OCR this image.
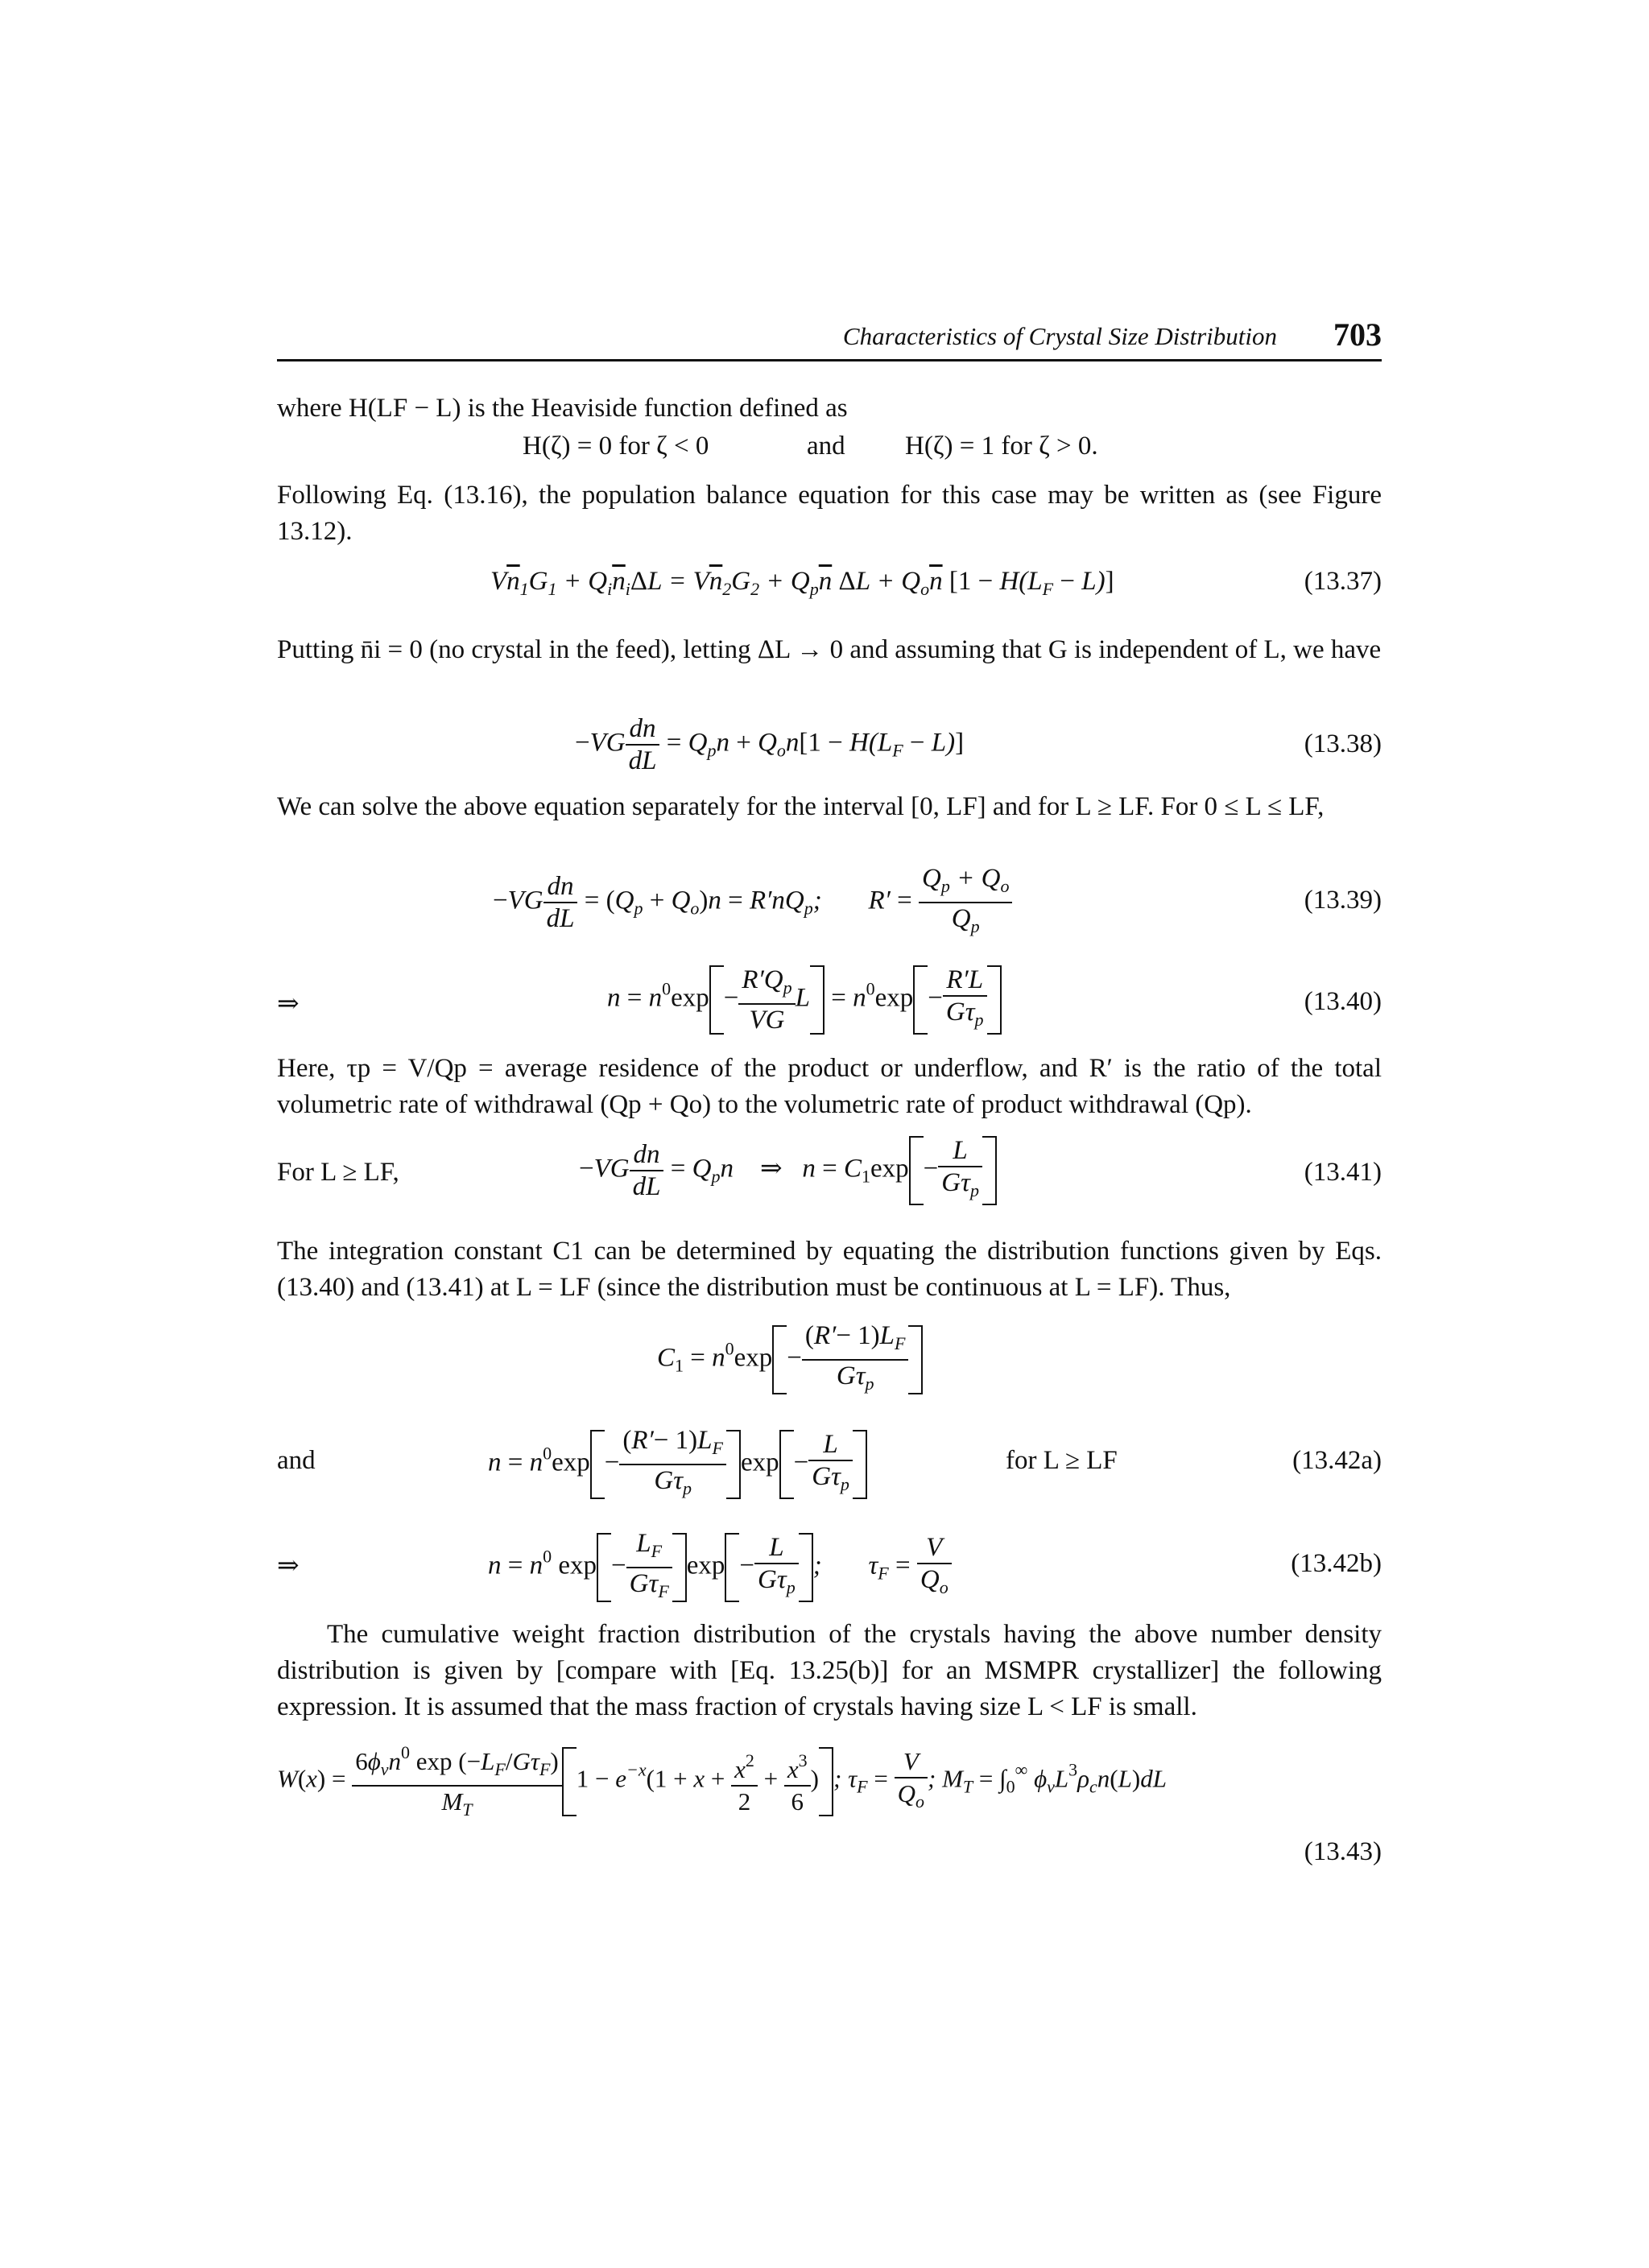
Characteristics of Crystal Size Distribution 703

where H(LF − L) is the Heaviside function defined as

H(ζ) = 0 for ζ < 0	and H(ζ) = 1 for ζ > 0.

Following Eq. (13.16), the population balance equation for this case may be written as (see Figure 13.12).

$V\overline{n}_1G_1 + Q_i\overline{n}_i\Delta L = V\overline{n}_2G_2 + Q_p\overline{n}$ $\Delta L + Q_o\overline{n}$ $[1 - H(L_F - L)]$	(13.37)

Putting n̄i = 0 (no crystal in the feed), letting ΔL → 0 and assuming that G is independent of L, we have

$-VG \frac{dn}{dL} = Q_pn + Q_on[1 - H(L_F - L)]$	(13.38)

We can solve the above equation separately for the interval [0, LF] and for L ≥ LF. For 0 ≤ L ≤ LF,

$-VG \frac{dn}{dL} = (Q_p + Q_o)n = R'nQ_p$;       $R' = \frac{Q_p + Q_o}{Q_p}$	(13.39)
⇒	$n = n^0\exp - \frac{R'Q_p}{VG}$ $L = n^0\exp - \frac{R'L}{G\tau_p}$	(13.40)

Here, τp = V/Qp = average residence of the product or underflow, and R′ is the ratio of the total volumetric rate of withdrawal (Qp + Qo) to the volumetric rate of product withdrawal (Qp).

For L ≥ LF,	$-VG \frac{dn}{dL} = Q_pn$    ⇒   $n = C_1\exp - \frac{L}{G\tau_p}$	(13.41)

The integration constant C1 can be determined by equating the distribution functions given by Eqs. (13.40) and (13.41) at L = LF (since the distribution must be continuous at L = LF). Thus,

$C_1 = n^0\exp - \frac{(R'- 1)L_F}{G\tau_p}$
and	$n = n^0\exp - \frac{(R'- 1)L_F}{G\tau_p}$ $\exp - \frac{L}{G\tau_p}$	for L ≥ LF	(13.42a)
⇒	$n = n^0$ $\exp - \frac{L_F}{G\tau_F}$ $\exp - \frac{L}{G\tau_p}$ ;       $\tau_F = \frac{V}{Q_o}$	(13.42b)

The cumulative weight fraction distribution of the crystals having the above number density distribution is given by [compare with [Eq. 13.25(b)] for an MSMPR crystallizer] the following expression. It is assumed that the mass fraction of crystals having size L < LF is small.

$W(x) = \frac{6\phi_vn^0 \exp (-L_F/G\tau_F)}{M_T} 1 - e^{-x}(1 + x + \frac{x^2}{2} + \frac{x^3}{6}$ ) ; $\tau_F = \frac{V}{Q_o}$ ; $M_T = \int_0^\infty$ $\phi_vL^3\rho_cn(L)dL$
(13.43)
